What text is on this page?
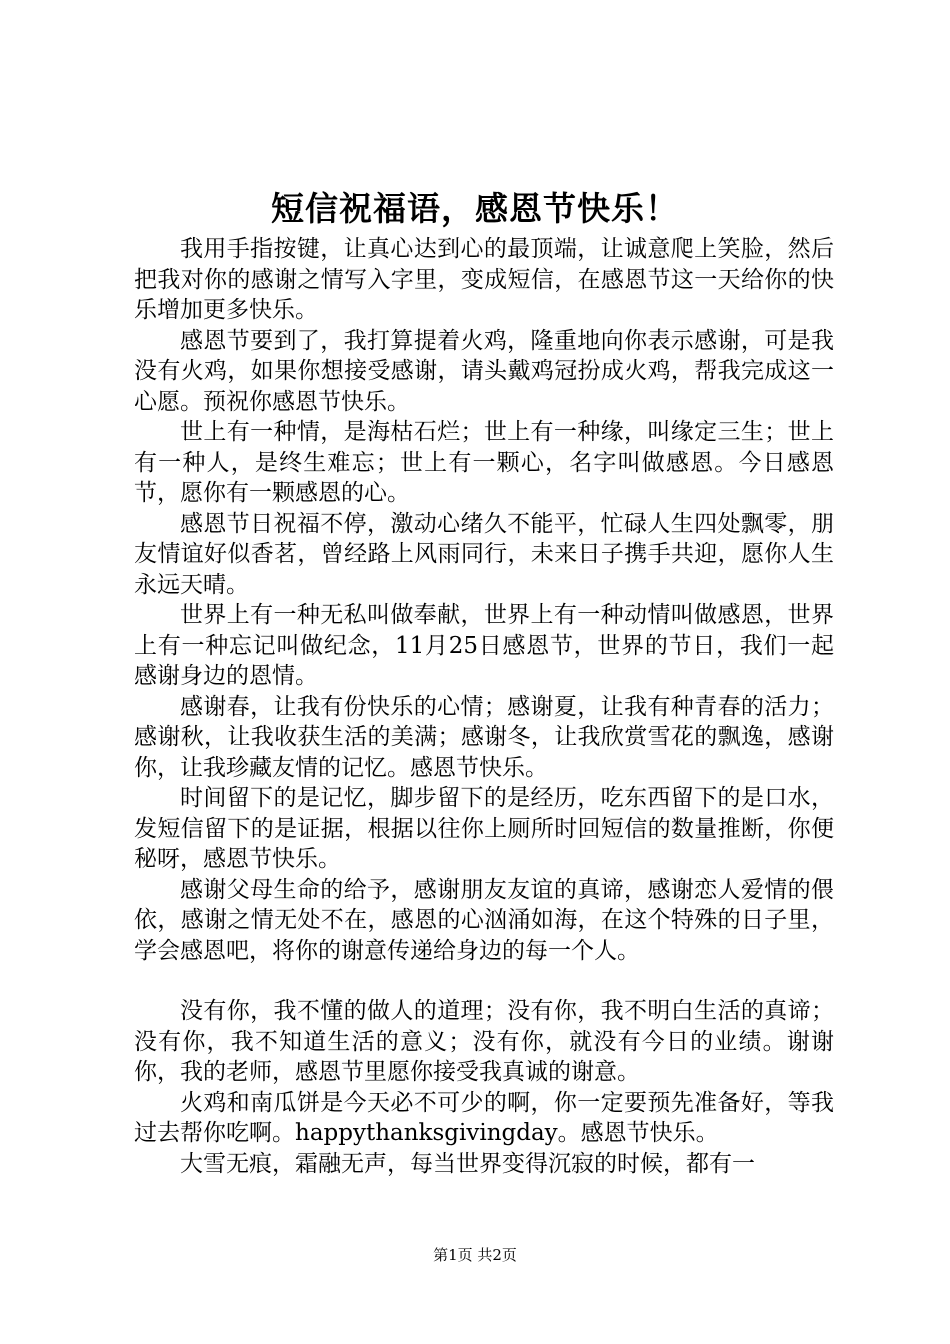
短信祝福语，感恩节快乐！

我用手指按键，让真心达到心的最顶端，让诚意爬上笑脸，然后把我对你的感谢之情写入字里，变成短信，在感恩节这一天给你的快乐增加更多快乐。

感恩节要到了，我打算提着火鸡，隆重地向你表示感谢，可是我没有火鸡，如果你想接受感谢，请头戴鸡冠扮成火鸡，帮我完成这一心愿。预祝你感恩节快乐。

世上有一种情，是海枯石烂；世上有一种缘，叫缘定三生；世上有一种人，是终生难忘；世上有一颗心，名字叫做感恩。今日感恩节，愿你有一颗感恩的心。

感恩节日祝福不停，激动心绪久不能平，忙碌人生四处飘零，朋友情谊好似香茗，曾经路上风雨同行，未来日子携手共迎，愿你人生永远天晴。

世界上有一种无私叫做奉献，世界上有一种动情叫做感恩，世界上有一种忘记叫做纪念，11月25日感恩节，世界的节日，我们一起感谢身边的恩情。

感谢春，让我有份快乐的心情；感谢夏，让我有种青春的活力；感谢秋，让我收获生活的美满；感谢冬，让我欣赏雪花的飘逸，感谢你，让我珍藏友情的记忆。感恩节快乐。

时间留下的是记忆，脚步留下的是经历，吃东西留下的是口水，发短信留下的是证据，根据以往你上厕所时回短信的数量推断，你便秘呀，感恩节快乐。

感谢父母生命的给予，感谢朋友友谊的真谛，感谢恋人爱情的偎依，感谢之情无处不在，感恩的心汹涌如海，在这个特殊的日子里，学会感恩吧，将你的谢意传递给身边的每一个人。

没有你，我不懂的做人的道理；没有你，我不明白生活的真谛；没有你，我不知道生活的意义；没有你，就没有今日的业绩。谢谢你，我的老师，感恩节里愿你接受我真诚的谢意。

火鸡和南瓜饼是今天必不可少的啊，你一定要预先准备好，等我过去帮你吃啊。happythanksgivingday。感恩节快乐。

大雪无痕，霜融无声，每当世界变得沉寂的时候，都有一

第1页 共2页
